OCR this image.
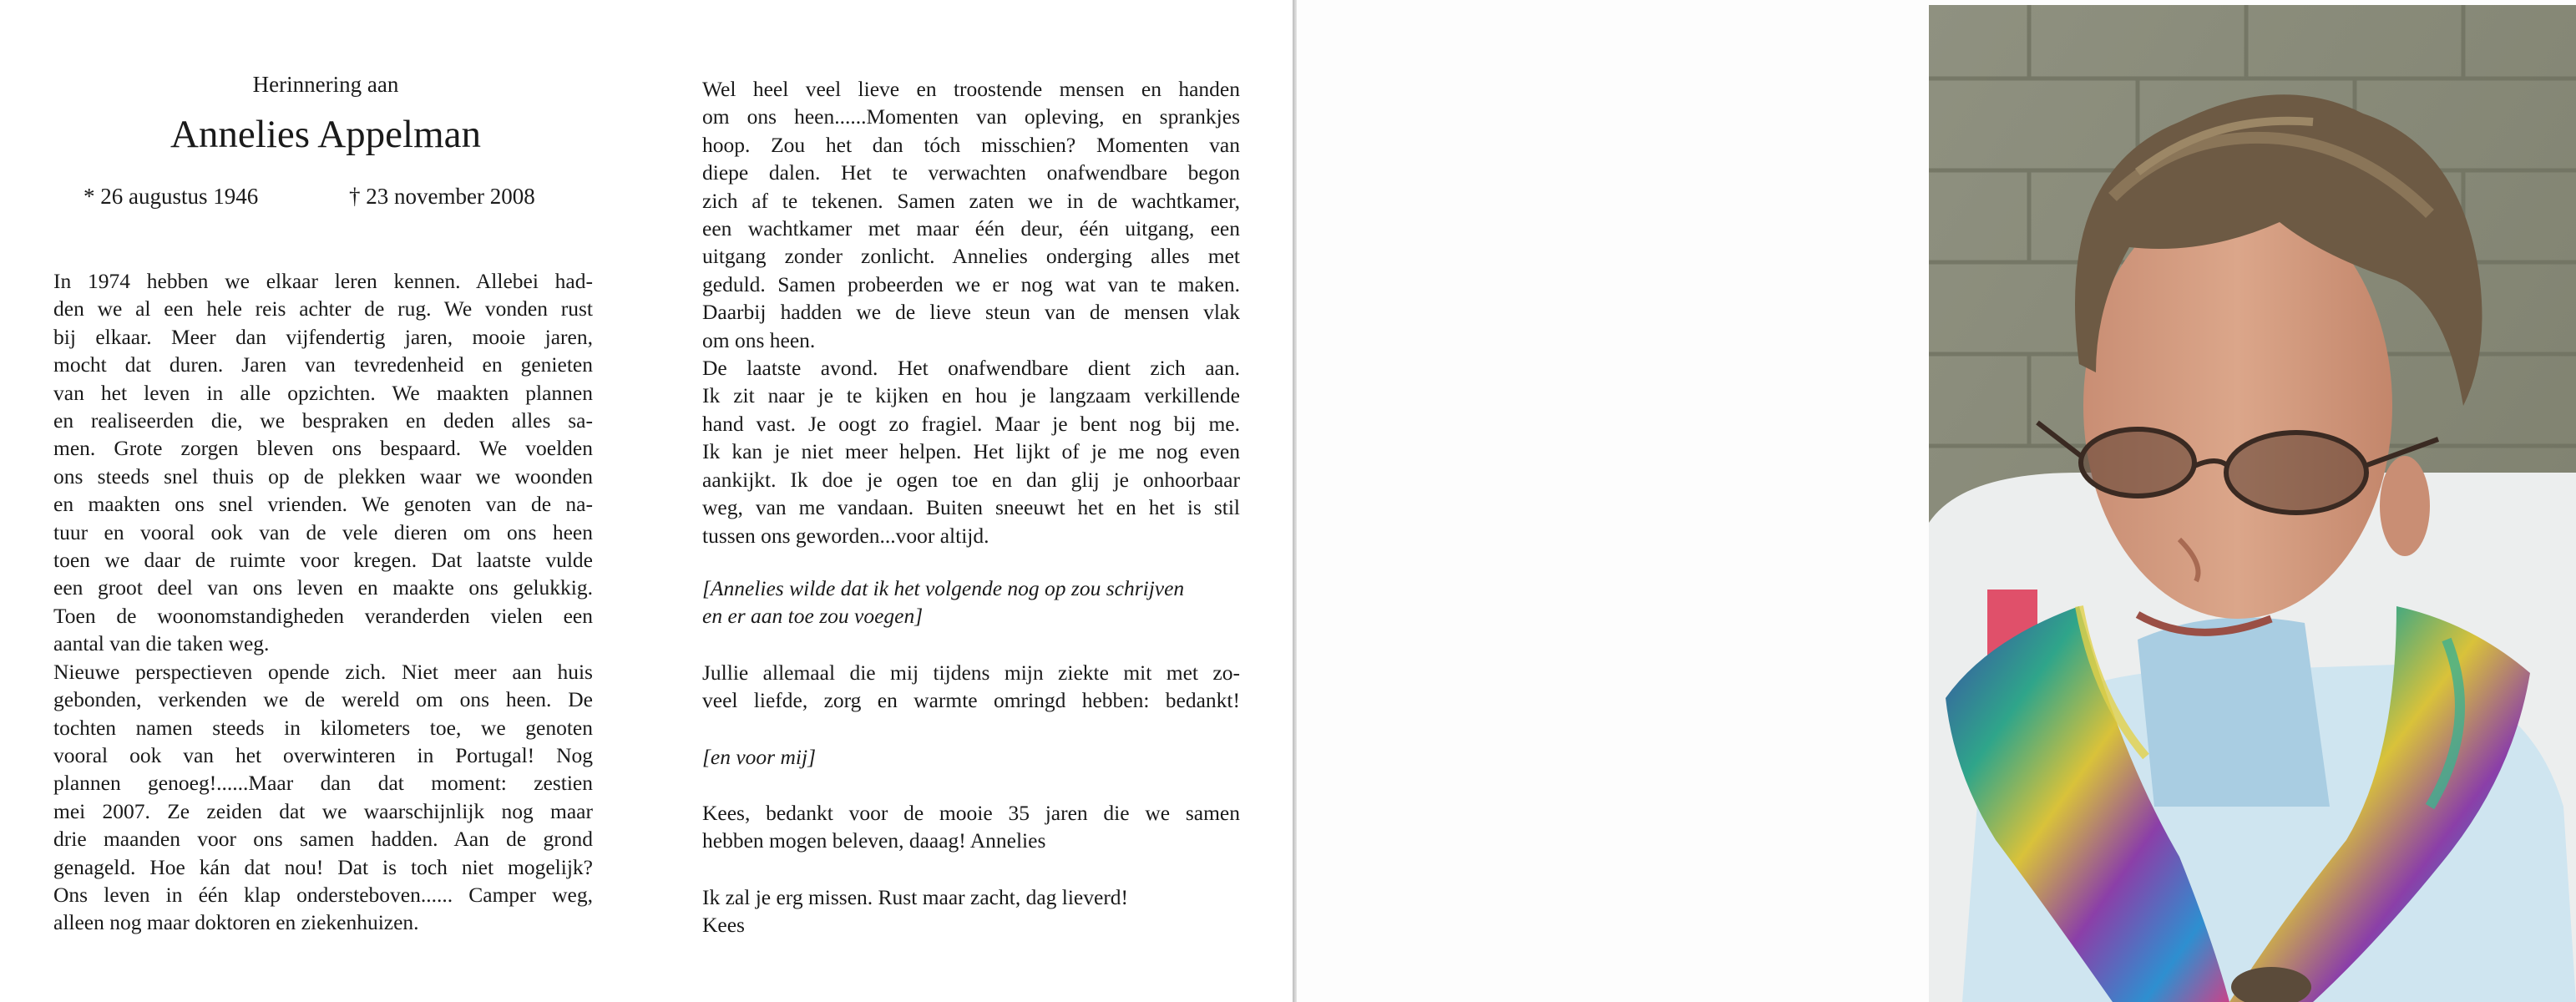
Herinnering aan
Annelies Appelman
* 26 augustus 1946	† 23 november 2008

In 1974 hebben we elkaar leren kennen. Allebei had-
den we al een hele reis achter de rug. We vonden rust
bij elkaar. Meer dan vijfendertig jaren, mooie jaren,
mocht dat duren. Jaren van tevredenheid en genieten
van het leven in alle opzichten. We maakten plannen
en realiseerden die, we bespraken en deden alles sa-
men. Grote zorgen bleven ons bespaard. We voelden
ons steeds snel thuis op de plekken waar we woonden
en maakten ons snel vrienden. We genoten van de na-
tuur en vooral ook van de vele dieren om ons heen
toen we daar de ruimte voor kregen. Dat laatste vulde
een groot deel van ons leven en maakte ons gelukkig.
Toen de woonomstandigheden veranderden vielen een
aantal van die taken weg.

Nieuwe perspectieven opende zich. Niet meer aan huis
gebonden, verkenden we de wereld om ons heen. De
tochten namen steeds in kilometers toe, we genoten
vooral ook van het overwinteren in Portugal! Nog
plannen genoeg!......Maar dan dat moment: zestien
mei 2007. Ze zeiden dat we waarschijnlijk nog maar
drie maanden voor ons samen hadden. Aan de grond
genageld. Hoe kán dat nou! Dat is toch niet mogelijk?
Ons leven in één klap ondersteboven...... Camper weg,
alleen nog maar doktoren en ziekenhuizen.

Wel heel veel lieve en troostende mensen en handen
om ons heen......Momenten van opleving, en sprankjes
hoop. Zou het dan tóch misschien? Momenten van
diepe dalen. Het te verwachten onafwendbare begon
zich af te tekenen. Samen zaten we in de wachtkamer,
een wachtkamer met maar één deur, één uitgang, een
uitgang zonder zonlicht. Annelies onderging alles met
geduld. Samen probeerden we er nog wat van te maken.
Daarbij hadden we de lieve steun van de mensen vlak
om ons heen.

De laatste avond. Het onafwendbare dient zich aan.
Ik zit naar je te kijken en hou je langzaam verkillende
hand vast. Je oogt zo fragiel. Maar je bent nog bij me.
Ik kan je niet meer helpen. Het lijkt of je me nog even
aankijkt. Ik doe je ogen toe en dan glij je onhoorbaar
weg, van me vandaan. Buiten sneeuwt het en het is stil
tussen ons geworden...voor altijd.

[Annelies wilde dat ik het volgende nog op zou schrijven
en er aan toe zou voegen]

Jullie allemaal die mij tijdens mijn ziekte mit met zo-
veel liefde, zorg en warmte omringd hebben: bedankt!

[en voor mij]

Kees, bedankt voor de mooie 35 jaren die we samen
hebben mogen beleven, daaag! Annelies

Ik zal je erg missen. Rust maar zacht, dag lieverd!
Kees
